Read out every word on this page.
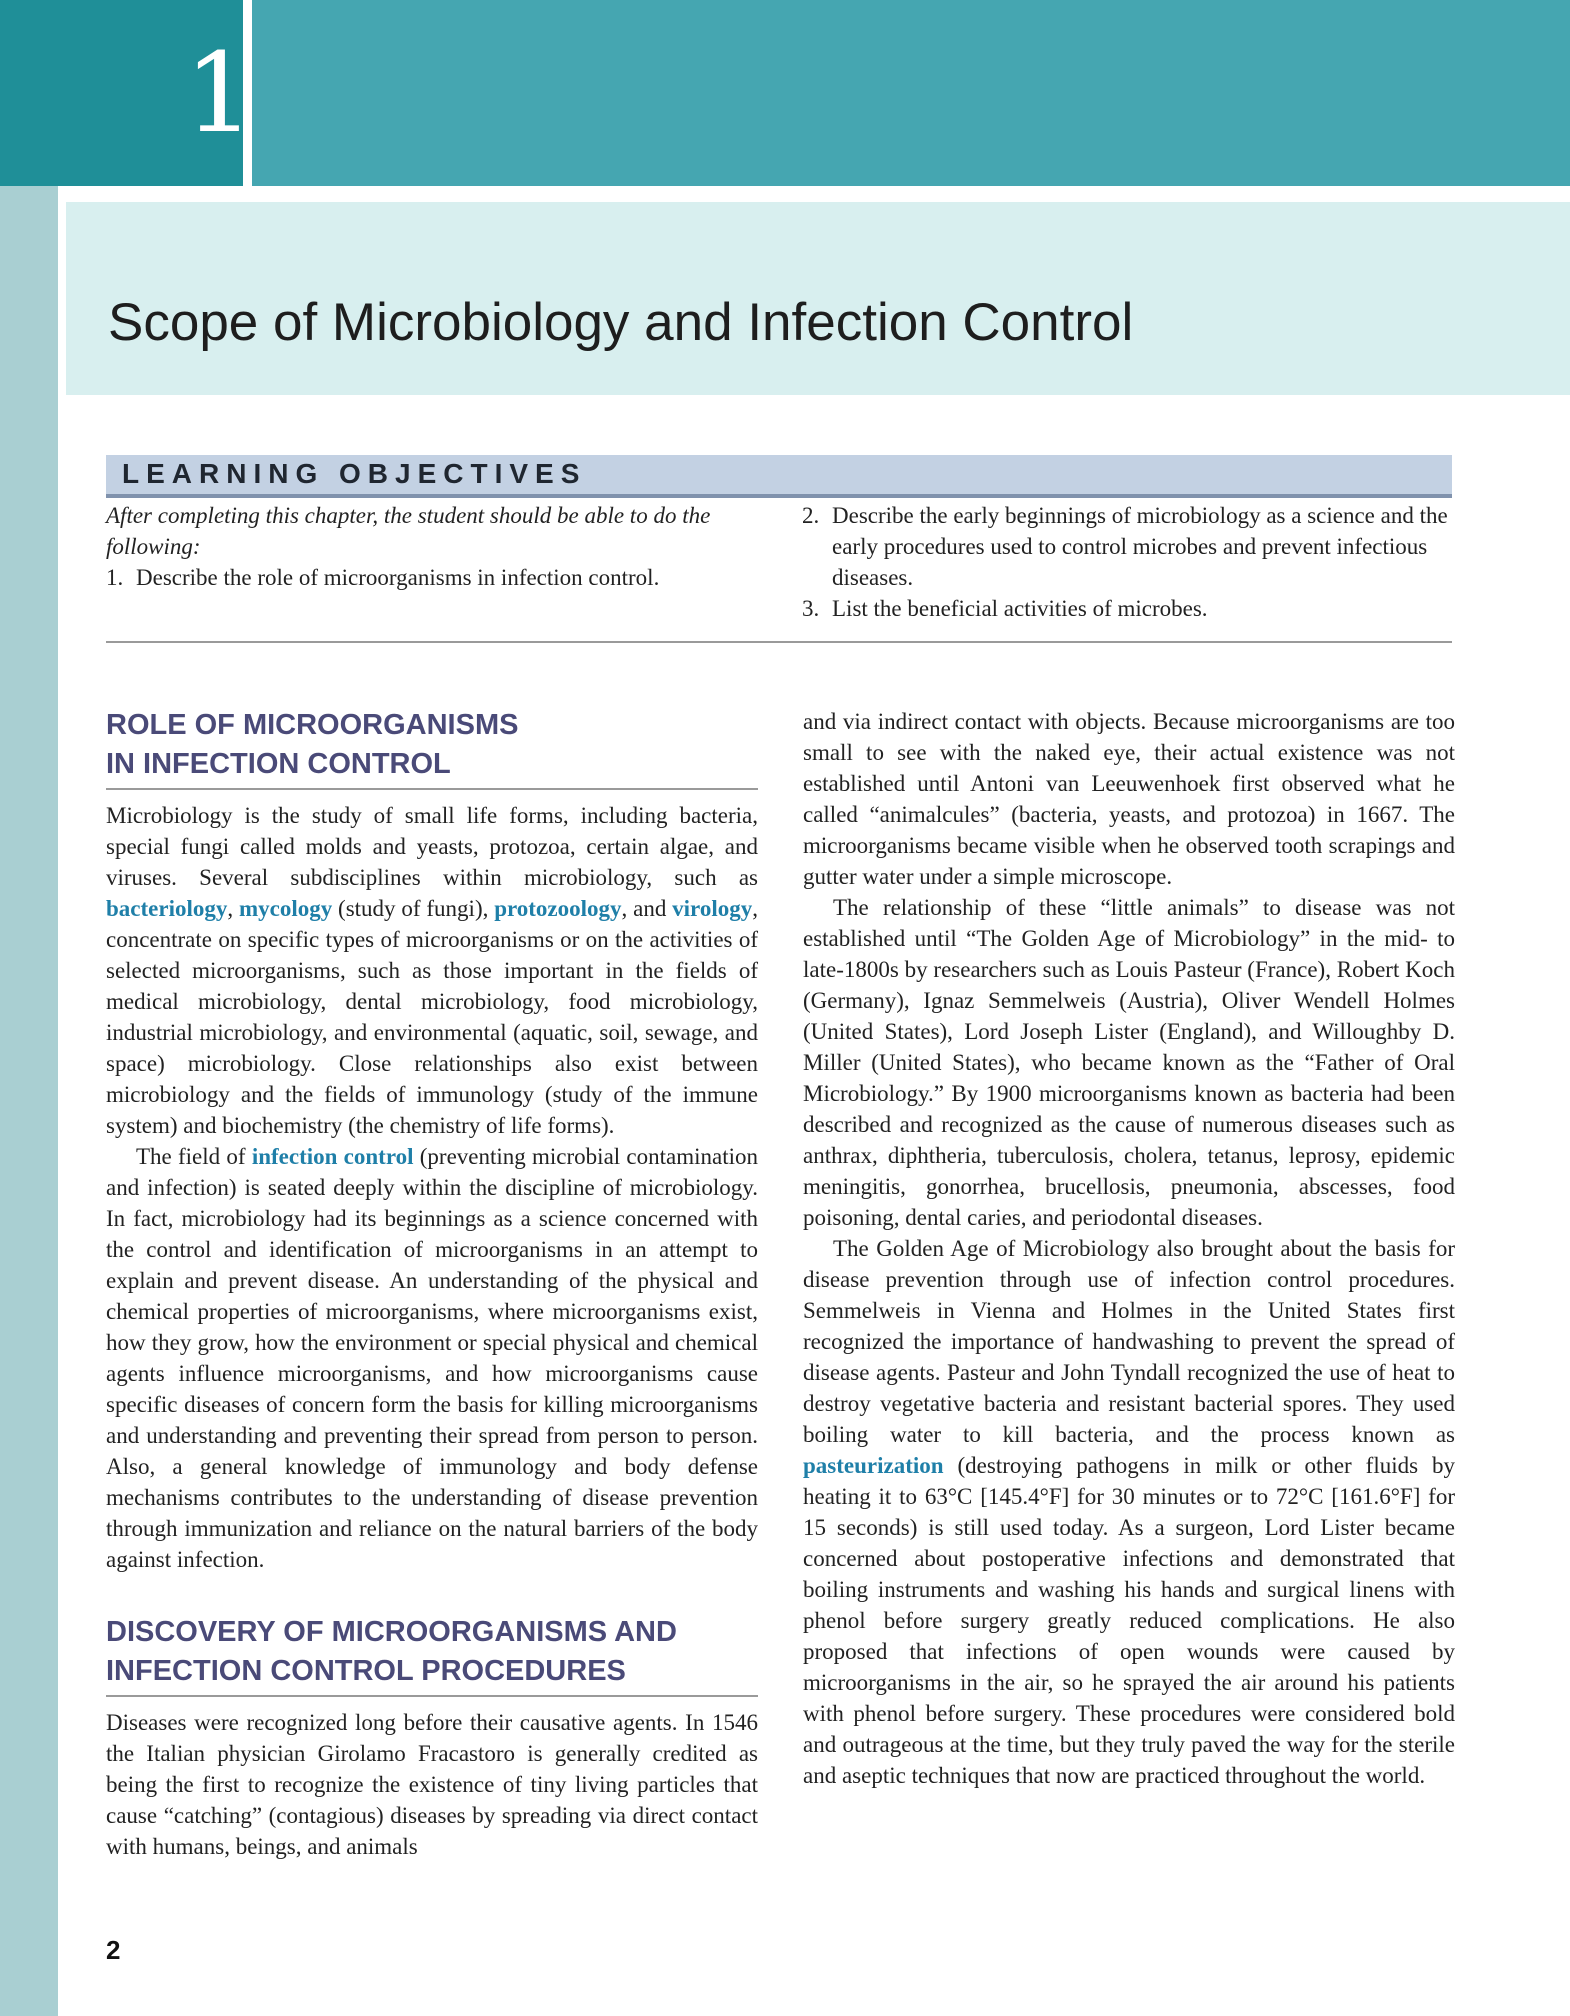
1
Scope of Microbiology and Infection Control
LEARNING OBJECTIVES
After completing this chapter, the student should be able to do the following:
1. Describe the role of microorganisms in infection control.
2. Describe the early beginnings of microbiology as a science and the early procedures used to control microbes and prevent infectious diseases.
3. List the beneficial activities of microbes.
ROLE OF MICROORGANISMS
IN INFECTION CONTROL

Microbiology is the study of small life forms, including bacteria, special fungi called molds and yeasts, protozoa, certain algae, and viruses. Several subdisciplines within microbiology, such as bacteriology, mycology (study of fungi), protozoology, and virology, concentrate on specific types of microorganisms or on the activities of selected microorganisms, such as those important in the fields of medical microbiology, dental microbiology, food microbiology, industrial microbiology, and environmental (aquatic, soil, sewage, and space) microbiology. Close relationships also exist between microbiology and the fields of immunology (study of the immune system) and biochemistry (the chemistry of life forms).

The field of infection control (preventing microbial contamination and infection) is seated deeply within the discipline of microbiology. In fact, microbiology had its beginnings as a science concerned with the control and identification of microorganisms in an attempt to explain and prevent disease. An understanding of the physical and chemical properties of microorganisms, where microorganisms exist, how they grow, how the environment or special physical and chemical agents influence microorganisms, and how microorganisms cause specific diseases of concern form the basis for killing microorganisms and understanding and preventing their spread from person to person. Also, a general knowledge of immunology and body defense mechanisms contributes to the understanding of disease prevention through immunization and reliance on the natural barriers of the body against infection.

DISCOVERY OF MICROORGANISMS AND
INFECTION CONTROL PROCEDURES

Diseases were recognized long before their causative agents. In 1546 the Italian physician Girolamo Fracastoro is generally credited as being the first to recognize the existence of tiny living particles that cause “catching” (contagious) diseases by spreading via direct contact with humans, beings, and animals

and via indirect contact with objects. Because microorganisms are too small to see with the naked eye, their actual existence was not established until Antoni van Leeuwenhoek first observed what he called “animalcules” (bacteria, yeasts, and protozoa) in 1667. The microorganisms became visible when he observed tooth scrapings and gutter water under a simple microscope.

The relationship of these “little animals” to disease was not established until “The Golden Age of Microbiology” in the mid- to late-1800s by researchers such as Louis Pasteur (France), Robert Koch (Germany), Ignaz Semmelweis (Austria), Oliver Wendell Holmes (United States), Lord Joseph Lister (England), and Willoughby D. Miller (United States), who became known as the “Father of Oral Microbiology.” By 1900 microorganisms known as bacteria had been described and recognized as the cause of numerous diseases such as anthrax, diphtheria, tuberculosis, cholera, tetanus, leprosy, epidemic meningitis, gonorrhea, brucellosis, pneumonia, abscesses, food poisoning, dental caries, and periodontal diseases.

The Golden Age of Microbiology also brought about the basis for disease prevention through use of infection control procedures. Semmelweis in Vienna and Holmes in the United States first recognized the importance of handwashing to prevent the spread of disease agents. Pasteur and John Tyndall recognized the use of heat to destroy vegetative bacteria and resistant bacterial spores. They used boiling water to kill bacteria, and the process known as pasteurization (destroying pathogens in milk or other fluids by heating it to 63°C [145.4°F] for 30 minutes or to 72°C [161.6°F] for 15 seconds) is still used today. As a surgeon, Lord Lister became concerned about postoperative infections and demonstrated that boiling instruments and washing his hands and surgical linens with phenol before surgery greatly reduced complications. He also proposed that infections of open wounds were caused by microorganisms in the air, so he sprayed the air around his patients with phenol before surgery. These procedures were considered bold and outrageous at the time, but they truly paved the way for the sterile and aseptic techniques that now are practiced throughout the world.

2
